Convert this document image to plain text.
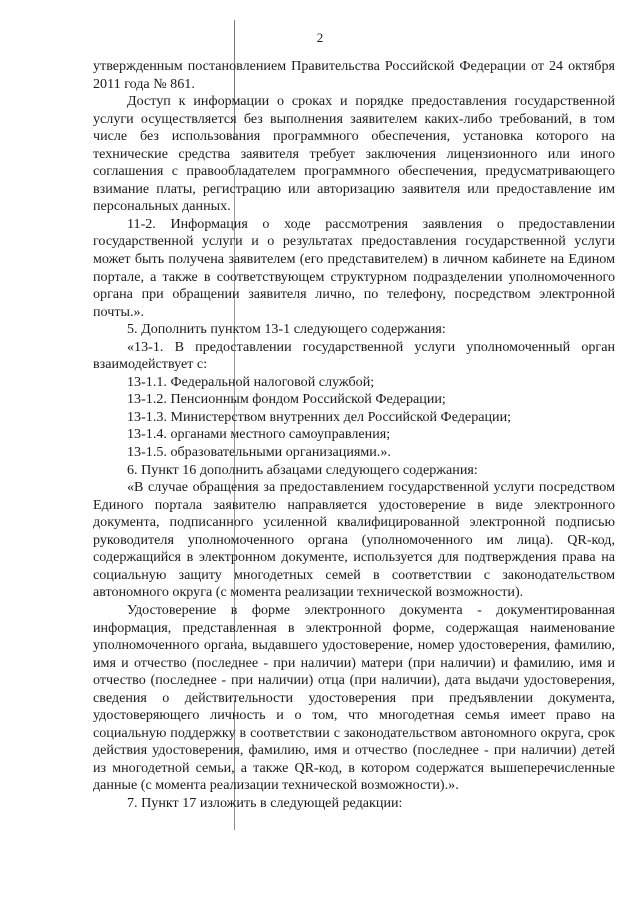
2

утвержденным постановлением Правительства Российской Федерации от 24 октября 2011 года № 861.

Доступ к информации о сроках и порядке предоставления государственной услуги осуществляется без выполнения заявителем каких-либо требований, в том числе без использования программного обеспечения, установка которого на технические средства заявителя требует заключения лицензионного или иного соглашения с правообладателем программного обеспечения, предусматривающего взимание платы, регистрацию или авторизацию заявителя или предоставление им персональных данных.

11-2. Информация о ходе рассмотрения заявления о предоставлении государственной услуги и о результатах предоставления государственной услуги может быть получена заявителем (его представителем) в личном кабинете на Едином портале, а также в соответствующем структурном подразделении уполномоченного органа при обращении заявителя лично, по телефону, посредством электронной почты.».

5. Дополнить пунктом 13-1 следующего содержания:

«13-1. В предоставлении государственной услуги уполномоченный орган взаимодействует с:

13-1.1. Федеральной налоговой службой;

13-1.2. Пенсионным фондом Российской Федерации;

13-1.3. Министерством внутренних дел Российской Федерации;

13-1.4. органами местного самоуправления;

13-1.5. образовательными организациями.».

6. Пункт 16 дополнить абзацами следующего содержания:

«В случае обращения за предоставлением государственной услуги посредством Единого портала заявителю направляется удостоверение в виде электронного документа, подписанного усиленной квалифицированной электронной подписью руководителя уполномоченного органа (уполномоченного им лица). QR-код, содержащийся в электронном документе, используется для подтверждения права на социальную защиту многодетных семей в соответствии с законодательством автономного округа (с момента реализации технической возможности).

Удостоверение в форме электронного документа - документированная информация, представленная в электронной форме, содержащая наименование уполномоченного органа, выдавшего удостоверение, номер удостоверения, фамилию, имя и отчество (последнее - при наличии) матери (при наличии) и фамилию, имя и отчество (последнее - при наличии) отца (при наличии), дата выдачи удостоверения, сведения о действительности удостоверения при предъявлении документа, удостоверяющего личность и о том, что многодетная семья имеет право на социальную поддержку в соответствии с законодательством автономного округа, срок действия удостоверения, фамилию, имя и отчество (последнее - при наличии) детей из многодетной семьи, а также QR-код, в котором содержатся вышеперечисленные данные (с момента реализации технической возможности).».

7. Пункт 17 изложить в следующей редакции:
